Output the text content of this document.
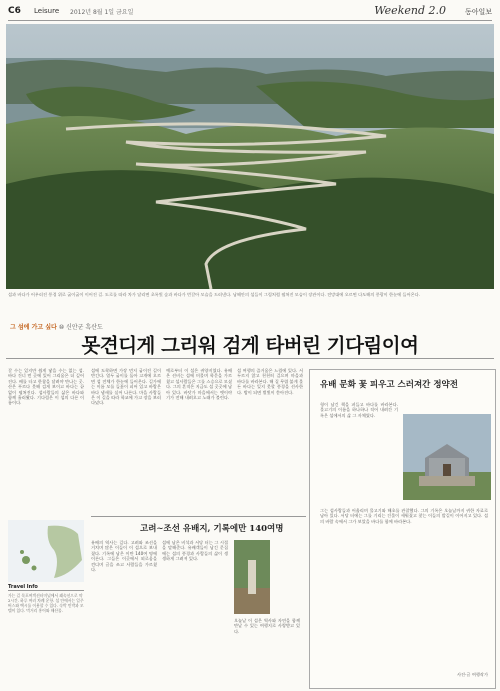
C6 Leisure 2012년 8월 1일 금요일	Weekend 2.0	동아일보
섬과 바다가 어우러진 풍경 위로 굽이굽이 이어진 길. 도로를 따라 차가 달리면 초록빛 숲과 바다가 번갈아 모습을 드러낸다. 남해안의 섬들이 그림처럼 펼쳐진 모습이 장관이다. 전망대에 오르면 다도해의 풍광이 한눈에 들어온다.
그 섬에 가고 싶다 ⑩ 신안군 흑산도
못견디게 그리워 검게 타버린 기다림이여
갈 수는 있지만 쉽게 닿을 수는 없는 섬. 바다 건너 먼 곳에 있어 그리움은 더 깊어진다. 배를 타고 한참을 달려야 만나는 곳. 산은 푸르다 못해 검게 보이고 바다는 끝없이 펼쳐진다. 섬사람들의 삶은 바다와 함께 흘러왔다. 기다림은 이 섬의 다른 이름이다.
섬에 도착하면 가장 먼저 굽이진 길이 반긴다. 열두 굽이를 돌아 고개에 오르면 섬 전체가 한눈에 들어온다. 길가에는 이름 모를 들꽃이 피어 있고 바람은 바다 냄새를 실어 나른다. 마을 사람들은 이 길을 따라 학교에 가고 장을 보러 다녔다.
예로부터 이 섬은 귀양지였다. 유배 온 선비는 섬에 머물며 학문을 가르쳤고 섬사람들은 그를 스승으로 모셨다. 그의 흔적은 지금도 섬 곳곳에 남아 있다. 바닷가 마을에서는 옛이야기가 전해 내려오고 노래가 불린다.
섬 여행의 즐거움은 느림에 있다. 서두르지 않고 천천히 걸으며 마을과 바다를 바라본다. 해 질 무렵 붉게 물든 바다는 잊지 못할 풍경을 선사한다. 밤이 되면 별빛이 쏟아진다.
Travel Info
가는 길 목포여객선터미널에서 쾌속선으로 약 2시간. 하루 여러 차례 운항. 섬 안에서는 일주 버스와 택시를 이용할 수 있다. 숙박 민박과 모텔이 있다. 먹거리 홍어와 해산물.
고려∼조선 유배지, 기록에만 140여명
유배의 역사는 깊다. 고려와 조선을 거치며 많은 이들이 이 섬으로 보내졌다. 기록에 남은 이만 140여 명에 이른다. 그들은 이곳에서 외로움을 견디며 글을 쓰고 사람들을 가르쳤다.
섬에 남은 비석과 서당 터는 그 시절을 말해준다. 유배객들이 남긴 문집에는 섬의 풍경과 사람들의 삶이 생생하게 그려져 있다.
오늘날 이 섬은 역사와 자연을 함께 만날 수 있는 여행지로 사랑받고 있다.
유배 문화 꽃 피우고 스러져간 정약전
형이 남긴 책을 펴들고 바다를 바라본다. 물고기의 이름을 하나하나 적어 내려간 기록은 섬에서의 삶 그 자체였다.
그는 섬사람들과 어울리며 물고기와 해초를 관찰했다. 그의 기록은 오늘날까지 귀한 자료로 남아 있다. 서당 터에는 그를 기리는 건물이 세워졌고 찾는 이들의 발길이 이어지고 있다. 섬의 바람 속에서 그가 보았을 바다를 함께 바라본다.
사진·글 여행작가
